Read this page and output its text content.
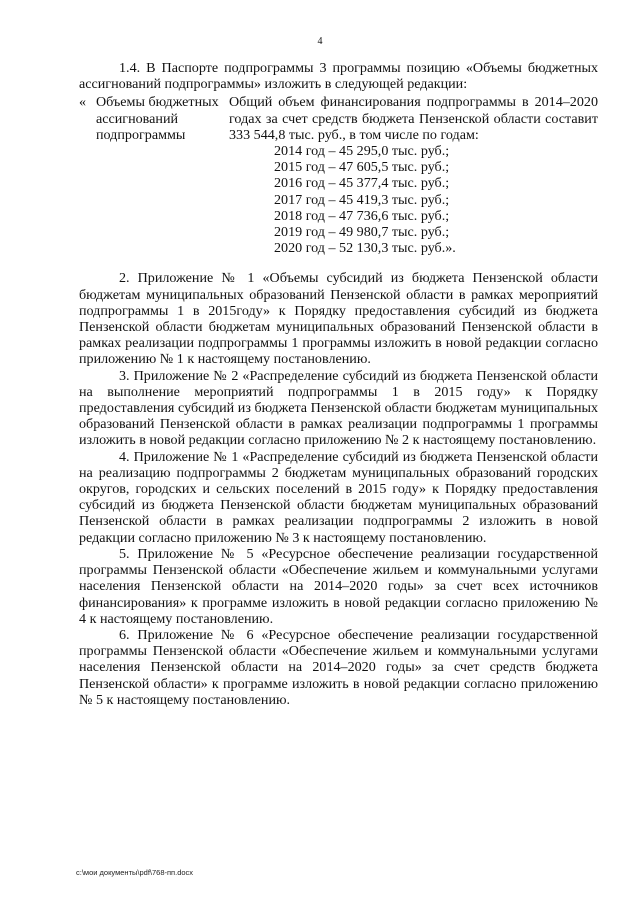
4

1.4. В Паспорте подпрограммы 3 программы позицию «Объемы бюджетных ассигнований подпрограммы» изложить в следующей редакции:

« Объемы бюджетных ассигнований подпрограммы
Общий объем финансирования подпрограммы в 2014–2020 годах за счет средств бюджета Пензенской области составит 333 544,8 тыс. руб., в том числе по годам:
2014 год – 45 295,0 тыс. руб.;
2015 год – 47 605,5 тыс. руб.;
2016 год – 45 377,4 тыс. руб.;
2017 год – 45 419,3 тыс. руб.;
2018 год – 47 736,6 тыс. руб.;
2019 год – 49 980,7 тыс. руб.;
2020 год – 52 130,3 тыс. руб.».

2. Приложение № 1 «Объемы субсидий из бюджета Пензенской области бюджетам муниципальных образований Пензенской области в рамках мероприятий подпрограммы 1 в 2015году» к Порядку предоставления субсидий из бюджета Пензенской области бюджетам муниципальных образований Пензенской области в рамках реализации подпрограммы 1 программы изложить в новой редакции согласно приложению № 1 к настоящему постановлению.

3. Приложение № 2 «Распределение субсидий из бюджета Пензенской области на выполнение мероприятий подпрограммы 1 в 2015 году» к Порядку предоставления субсидий из бюджета Пензенской области бюджетам муниципальных образований Пензенской области в рамках реализации подпрограммы 1 программы изложить в новой редакции согласно приложению № 2 к настоящему постановлению.

4. Приложение № 1 «Распределение субсидий из бюджета Пензенской области на реализацию подпрограммы 2 бюджетам муниципальных образований городских округов, городских и сельских поселений в 2015 году» к Порядку предоставления субсидий из бюджета Пензенской области бюджетам муниципальных образований Пензенской области в рамках реализации подпрограммы 2 изложить в новой редакции согласно приложению № 3 к настоящему постановлению.

5. Приложение № 5 «Ресурсное обеспечение реализации государственной программы Пензенской области «Обеспечение жильем и коммунальными услугами населения Пензенской области на 2014–2020 годы» за счет всех источников финансирования» к программе изложить в новой редакции согласно приложению № 4 к настоящему постановлению.

6. Приложение № 6 «Ресурсное обеспечение реализации государственной программы Пензенской области «Обеспечение жильем и коммунальными услугами населения Пензенской области на 2014–2020 годы» за счет средств бюджета Пензенской области» к программе изложить в новой редакции согласно приложению № 5 к настоящему постановлению.

c:\мои документы\pdf\768-пп.docx
